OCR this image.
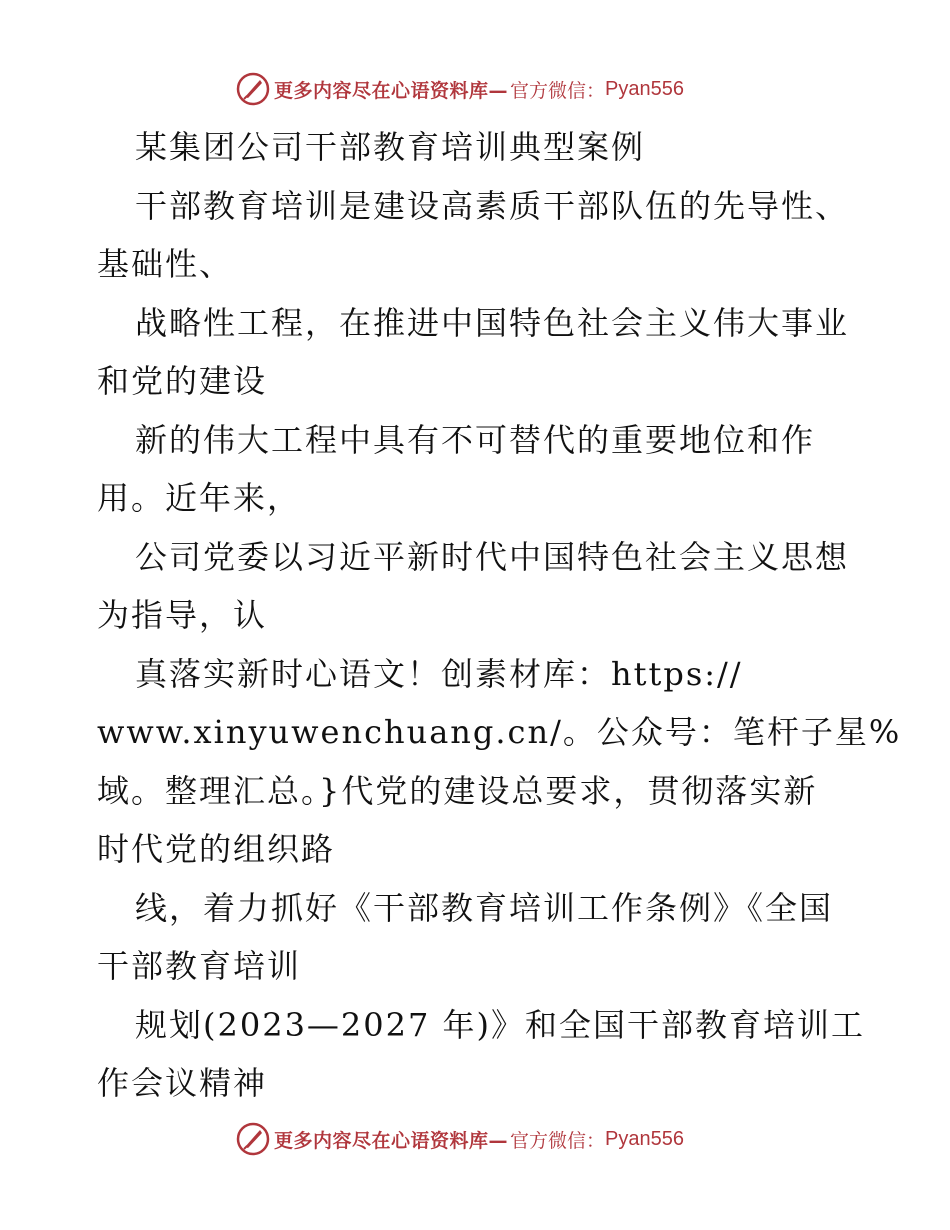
更多内容尽在心语资料库— 官方微信： Pyan556
某集团公司干部教育培训典型案例
干部教育培训是建设高素质干部队伍的先导性、
基础性、
战略性工程，在推进中国特色社会主义伟大事业
和党的建设
新的伟大工程中具有不可替代的重要地位和作
用。近年来，
公司党委以习近平新时代中国特色社会主义思想
为指导，认
真落实新时心语文！创素材库：https://
www.xinyuwenchuang.cn/。公众号：笔杆子星%
域。整理汇总。}代党的建设总要求，贯彻落实新
时代党的组织路
线，着力抓好《干部教育培训工作条例》《全国
干部教育培训
规划(2023—2027 年)》和全国干部教育培训工
作会议精神
更多内容尽在心语资料库— 官方微信： Pyan556
